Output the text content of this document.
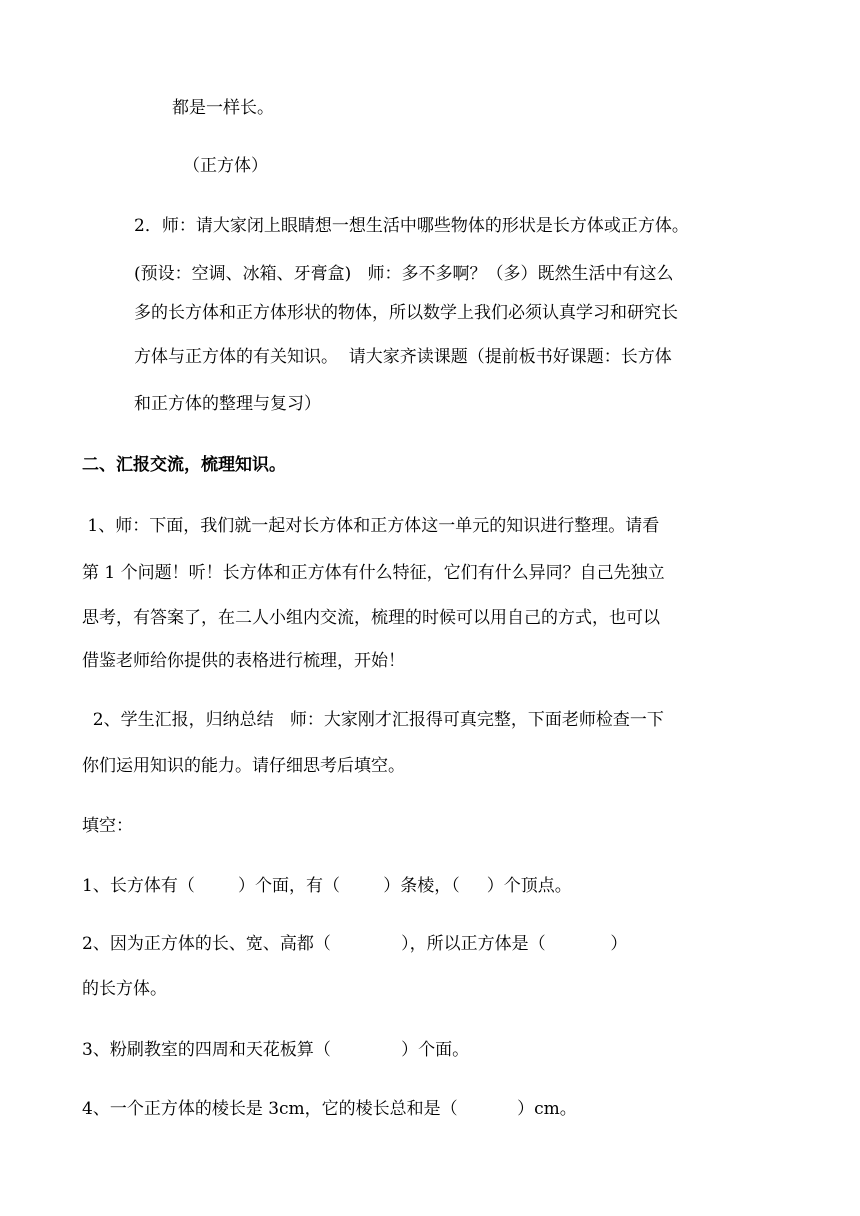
都是一样长。
（正方体）
2．师：请大家闭上眼睛想一想生活中哪些物体的形状是长方体或正方体。
(预设：空调、冰箱、牙膏盒)   师：多不多啊？（多）既然生活中有这么
多的长方体和正方体形状的物体，所以数学上我们必须认真学习和研究长
方体与正方体的有关知识。  请大家齐读课题（提前板书好课题：长方体
和正方体的整理与复习）
二、汇报交流，梳理知识。
1、师：下面，我们就一起对长方体和正方体这一单元的知识进行整理。请看
第 1 个问题！听！长方体和正方体有什么特征，它们有什么异同？自己先独立
思考，有答案了，在二人小组内交流，梳理的时候可以用自己的方式，也可以
借鉴老师给你提供的表格进行梳理，开始！
2、学生汇报，归纳总结   师：大家刚才汇报得可真完整，下面老师检查一下
你们运用知识的能力。请仔细思考后填空。
填空：
1、长方体有（        ）个面，有（        ）条棱，（     ）个顶点。
2、因为正方体的长、宽、高都（             ），所以正方体是（            ）
的长方体。
3、粉刷教室的四周和天花板算（             ）个面。
4、一个正方体的棱长是 3cm，它的棱长总和是（           ）cm。
